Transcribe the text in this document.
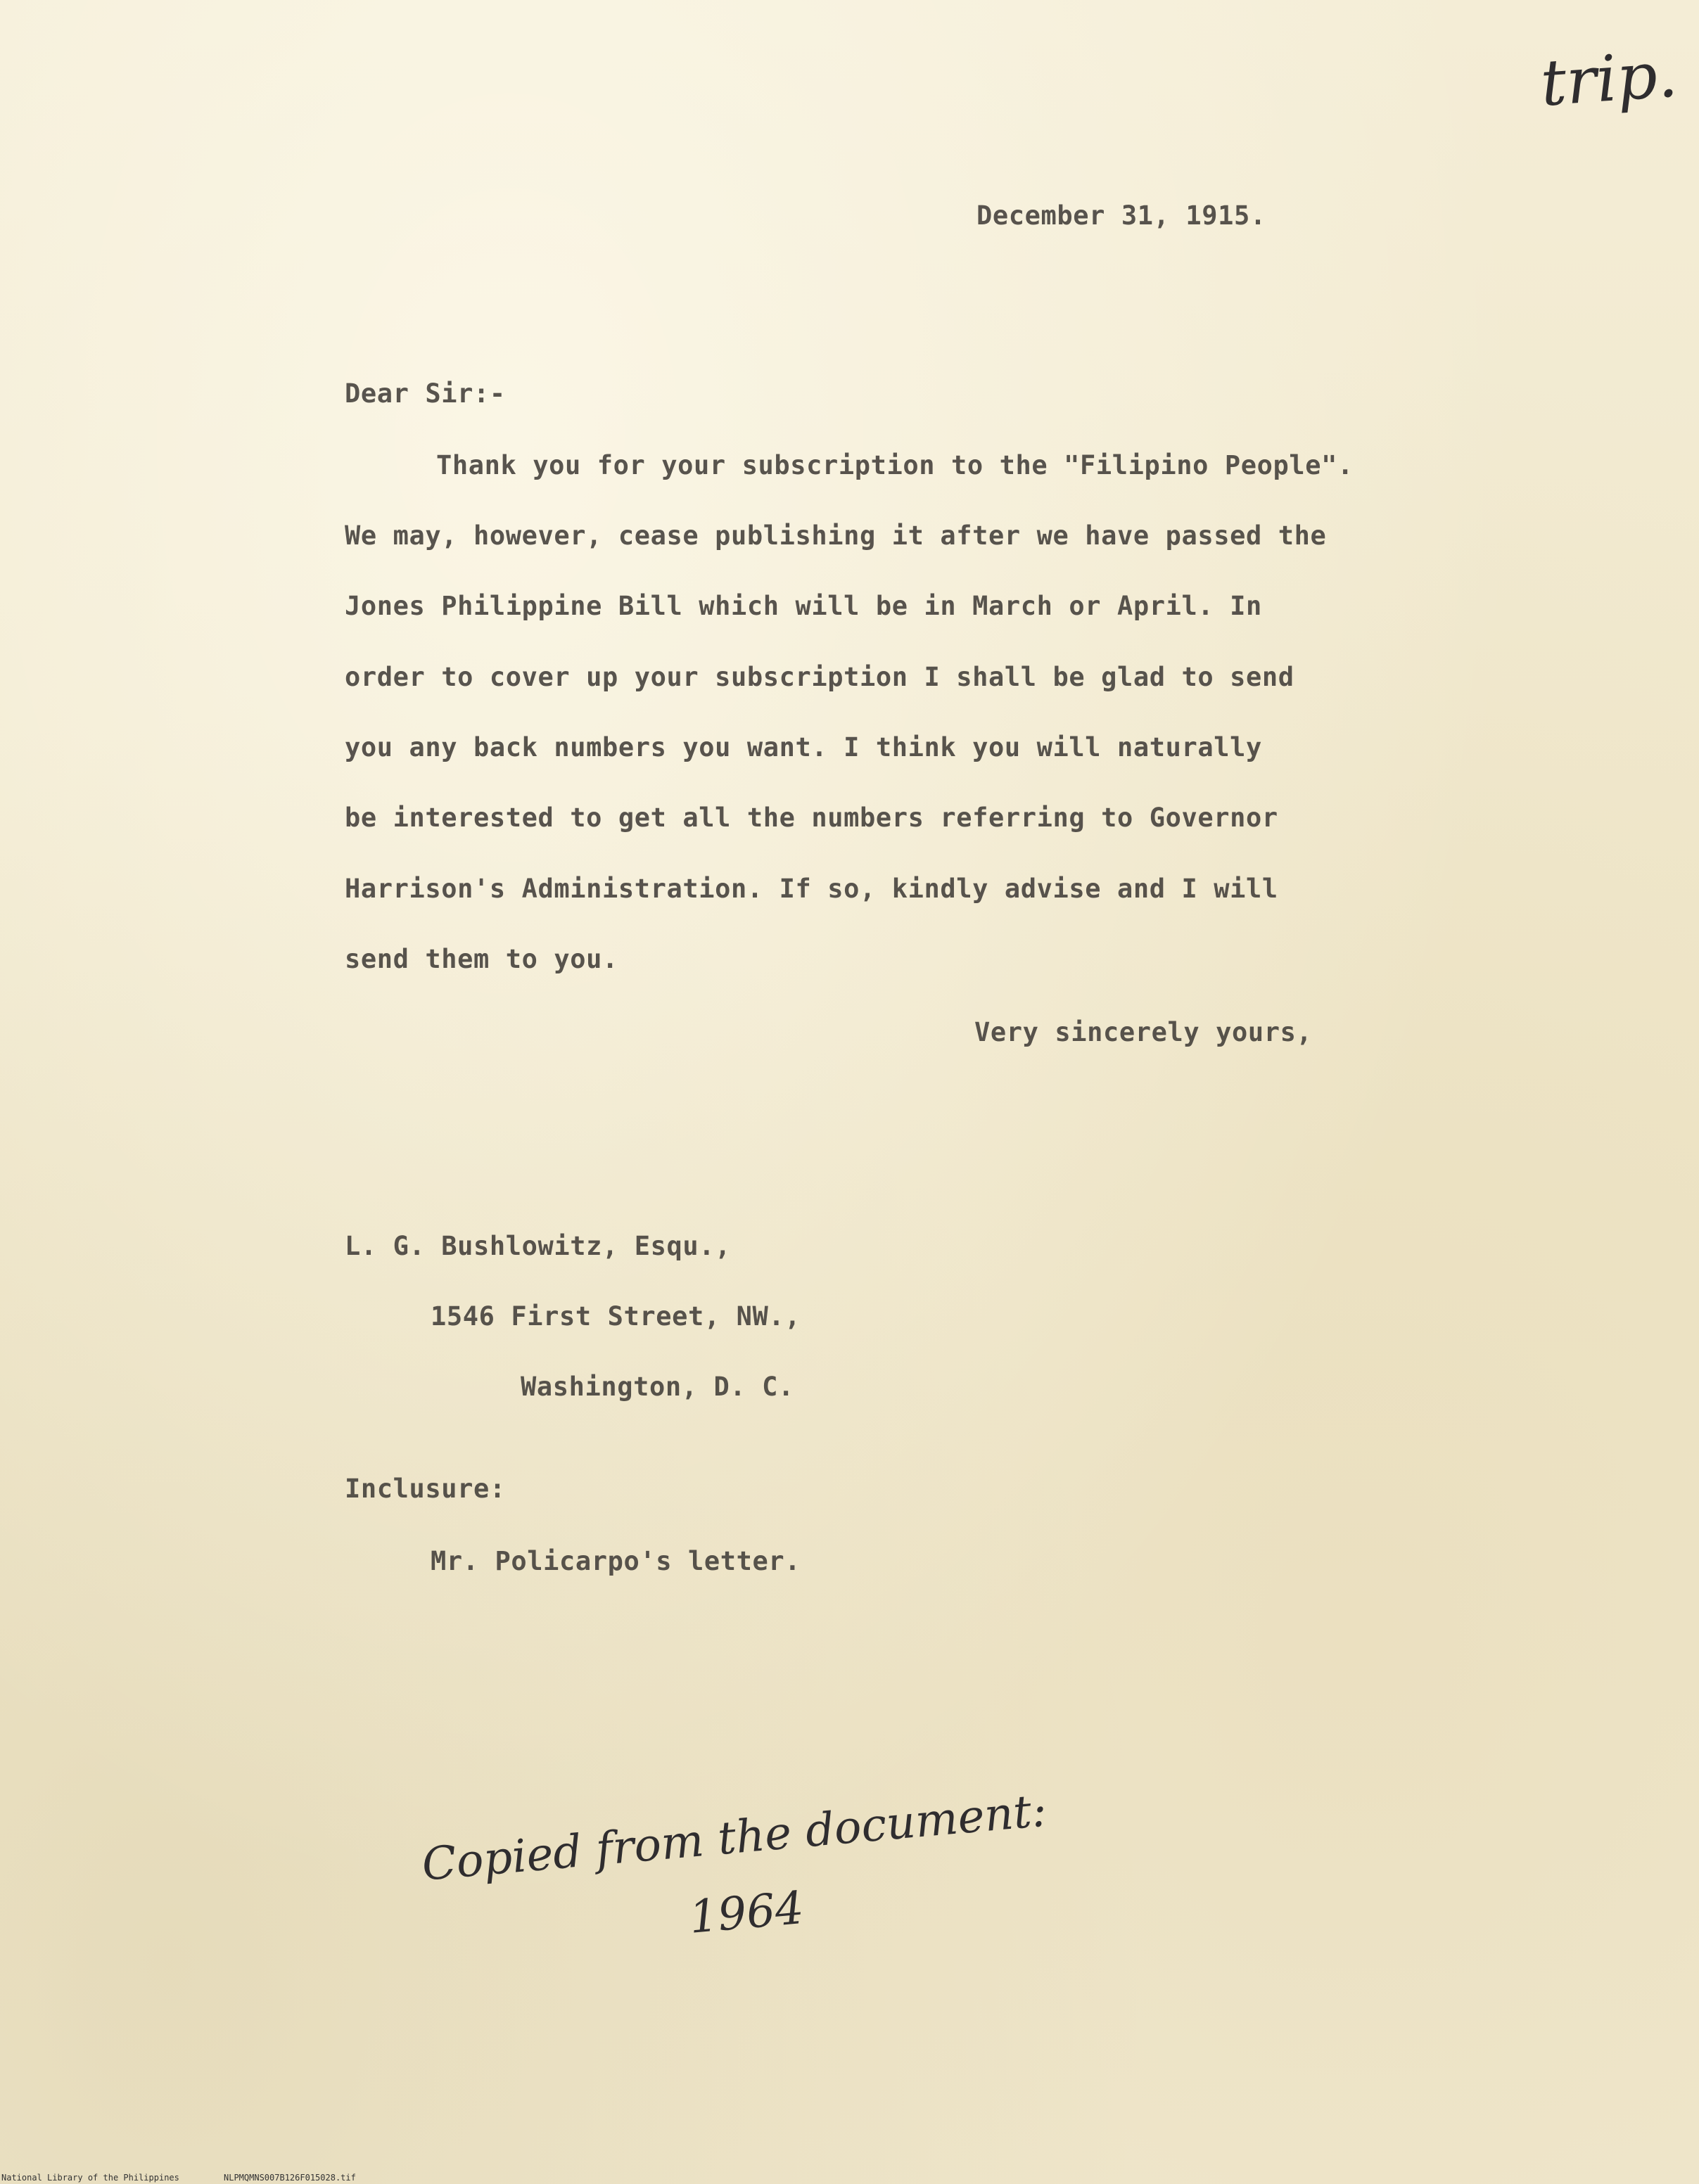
trip.
December 31, 1915.
Dear Sir:-
Thank you for your subscription to the "Filipino People".
We may, however, cease publishing it after we have passed the
Jones Philippine Bill which will be in March or April. In
order to cover up your subscription I shall be glad to send
you any back numbers you want. I think you will naturally
be interested to get all the numbers referring to Governor
Harrison's Administration. If so, kindly advise and I will
send them to you.
Very sincerely yours,
L. G. Bushlowitz, Esqu.,
1546 First Street, NW.,
Washington, D. C.
Inclusure:
Mr. Policarpo's letter.
Copied from the document:
1964
National Library of the Philippines	NLPMQMNS007B126F015028.tif
